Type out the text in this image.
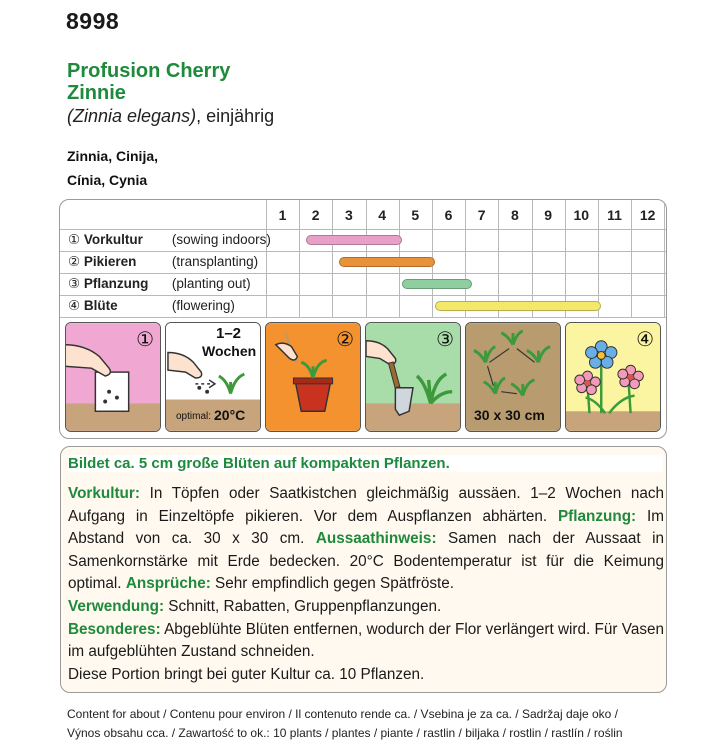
8998
Profusion Cherry
Zinnie
(Zinnia elegans), einjährig
Zinnia, Cinija,
Cínia, Cynia
1	2	3	4	5	6	7	8	9	10	11	12
① Vorkultur (sowing indoors)
② Pikieren	(transplanting)
③ Pflanzung (planting out)
④ Blüte	(flowering)
①	1–2
Wochen
optimal: 20°C
②	③
30 x 30 cm
④
Bildet ca. 5 cm große Blüten auf kompakten Pflanzen.
Vorkultur: In Töpfen oder Saatkistchen gleichmäßig aussäen. 1–2 Wochen nach Aufgang in Einzeltöpfe pikieren. Vor dem Auspflanzen abhärten. Pflanzung: Im Abstand von ca. 30 x 30 cm. Aussaathinweis: Samen nach der Aussaat in Samenkornstärke mit Erde bedecken. 20°C Bodentemperatur ist für die Keimung optimal. Ansprüche: Sehr empfindlich gegen Spätfröste.
Verwendung: Schnitt, Rabatten, Gruppenpflanzungen.
Besonderes: Abgeblühte Blüten entfernen, wodurch der Flor verlängert wird. Für Vasen im aufgeblühten Zustand schneiden.
Diese Portion bringt bei guter Kultur ca. 10 Pflanzen.
Content for about / Contenu pour environ / Il contenuto rende ca. / Vsebina je za ca. / Sadržaj daje oko /
Výnos obsahu cca. / Zawartość to ok.: 10 plants / plantes / piante / rastlin / biljaka / rostlin / rastlín / roślin
